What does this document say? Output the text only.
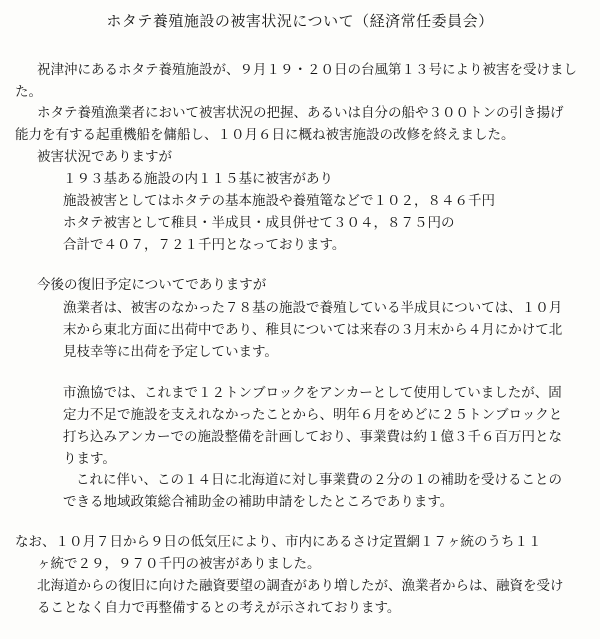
ホタテ養殖施設の被害状況について（経済常任委員会）
祝津沖にあるホタテ養殖施設が、９月１９・２０日の台風第１３号により被害を受けまし
た。
ホタテ養殖漁業者において被害状況の把握、あるいは自分の船や３００トンの引き揚げ
能力を有する起重機船を傭船し、１０月６日に概ね被害施設の改修を終えました。
被害状況でありますが
１９３基ある施設の内１１５基に被害があり
施設被害としてはホタテの基本施設や養殖篭などで１０２，８４６千円
ホタテ被害として稚貝・半成貝・成貝併せて３０４，８７５円の
合計で４０７，７２１千円となっております。
今後の復旧予定についてでありますが
漁業者は、被害のなかった７８基の施設で養殖している半成貝については、１０月
末から東北方面に出荷中であり、稚貝については来春の３月末から４月にかけて北
見枝幸等に出荷を予定しています。
市漁協では、これまで１２トンブロックをアンカーとして使用していましたが、固
定力不足で施設を支えれなかったことから、明年６月をめどに２５トンブロックと
打ち込みアンカーでの施設整備を計画しており、事業費は約１億３千６百万円とな
ります。
これに伴い、この１４日に北海道に対し事業費の２分の１の補助を受けることの
できる地域政策総合補助金の補助申請をしたところであります。
なお、１０月７日から９日の低気圧により、市内にあるさけ定置網１７ヶ統のうち１１
ヶ統で２９，９７０千円の被害がありました。
北海道からの復旧に向けた融資要望の調査があり増したが、漁業者からは、融資を受け
ることなく自力で再整備するとの考えが示されております。
